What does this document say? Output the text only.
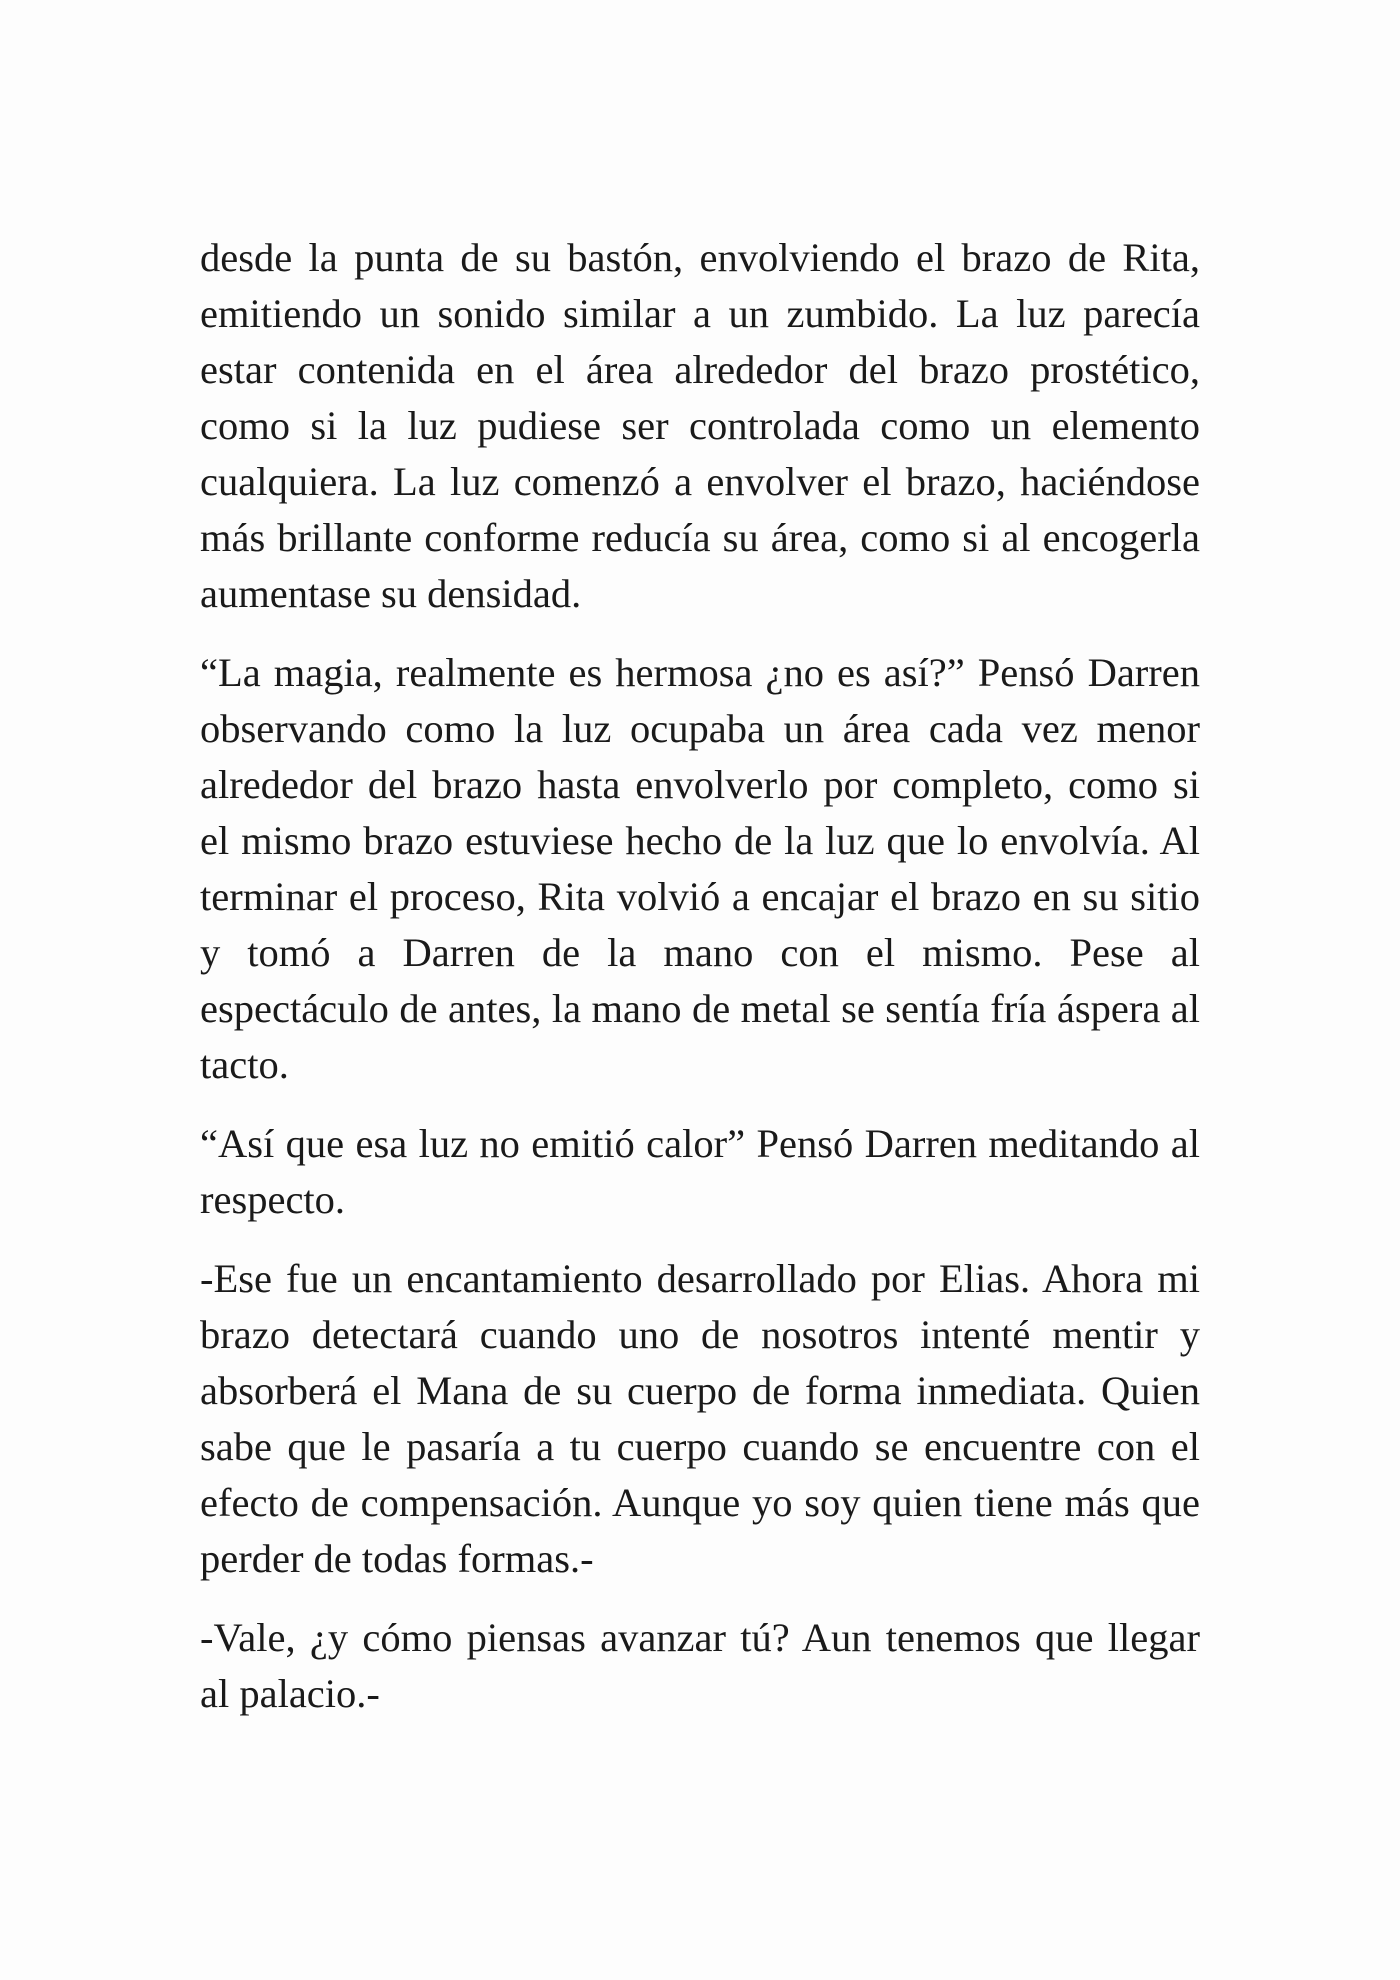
desde la punta de su bastón, envolviendo el brazo de Rita, emitiendo un sonido similar a un zumbido. La luz parecía estar contenida en el área alrededor del brazo prostético, como si la luz pudiese ser controlada como un elemento cualquiera. La luz comenzó a envolver el brazo, haciéndose más brillante conforme reducía su área, como si al encogerla aumentase su densidad.

“La magia, realmente es hermosa ¿no es así?” Pensó Darren observando como la luz ocupaba un área cada vez menor alrededor del brazo hasta envolverlo por completo, como si el mismo brazo estuviese hecho de la luz que lo envolvía. Al terminar el proceso, Rita volvió a encajar el brazo en su sitio y tomó a Darren de la mano con el mismo. Pese al espectáculo de antes, la mano de metal se sentía fría áspera al tacto.

“Así que esa luz no emitió calor” Pensó Darren meditando al respecto.

-Ese fue un encantamiento desarrollado por Elias. Ahora mi brazo detectará cuando uno de nosotros intenté mentir y absorberá el Mana de su cuerpo de forma inmediata. Quien sabe que le pasaría a tu cuerpo cuando se encuentre con el efecto de compensación. Aunque yo soy quien tiene más que perder de todas formas.-

-Vale, ¿y cómo piensas avanzar tú? Aun tenemos que llegar al palacio.-
